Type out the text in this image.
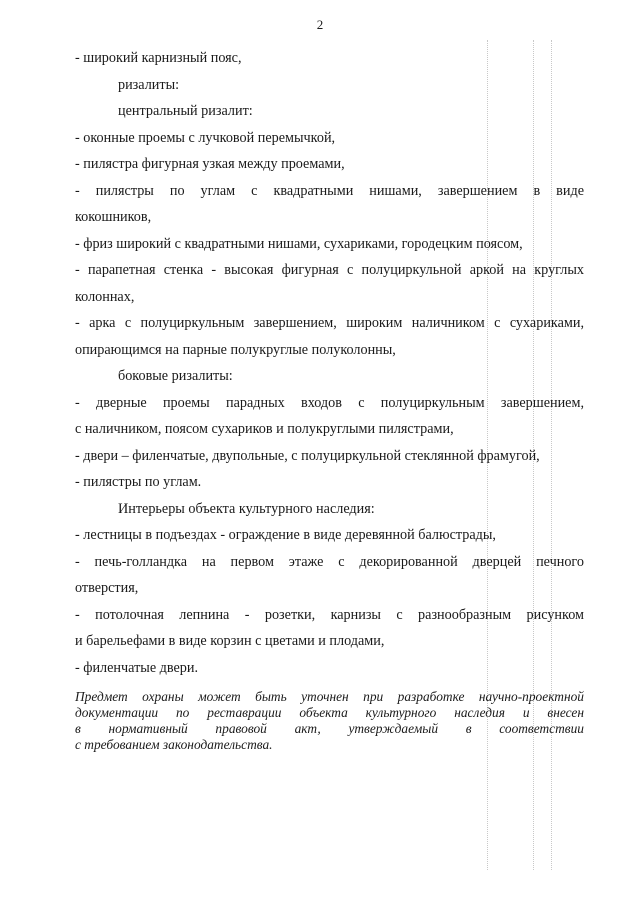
2
- широкий карнизный пояс,
ризалиты:
центральный ризалит:
- оконные проемы с лучковой перемычкой,
- пилястра фигурная узкая между проемами,
- пилястры по углам с квадратными нишами, завершением в виде
кокошников,
- фриз широкий с квадратными нишами, сухариками, городецким поясом,
- парапетная стенка - высокая фигурная с полуциркульной аркой на круглых
колоннах,
- арка с полуциркульным завершением, широким наличником с сухариками,
опирающимся на парные полукруглые полуколонны,
боковые ризалиты:
- дверные проемы парадных входов с полуциркульным завершением,
с наличником, поясом сухариков и полукруглыми пилястрами,
- двери – филенчатые, двупольные, с полуциркульной стеклянной фрамугой,
- пилястры по углам.
Интерьеры объекта культурного наследия:
- лестницы в подъездах - ограждение в виде деревянной балюстрады,
- печь-голландка на первом этаже с декорированной дверцей печного
отверстия,
- потолочная лепнина - розетки, карнизы с разнообразным рисунком
и барельефами в виде корзин с цветами и плодами,
- филенчатые двери.
Предмет охраны может быть уточнен при разработке научно-проектной
документации по реставрации объекта культурного наследия и внесен
в нормативный правовой акт, утверждаемый в соответствии
с требованием законодательства.
